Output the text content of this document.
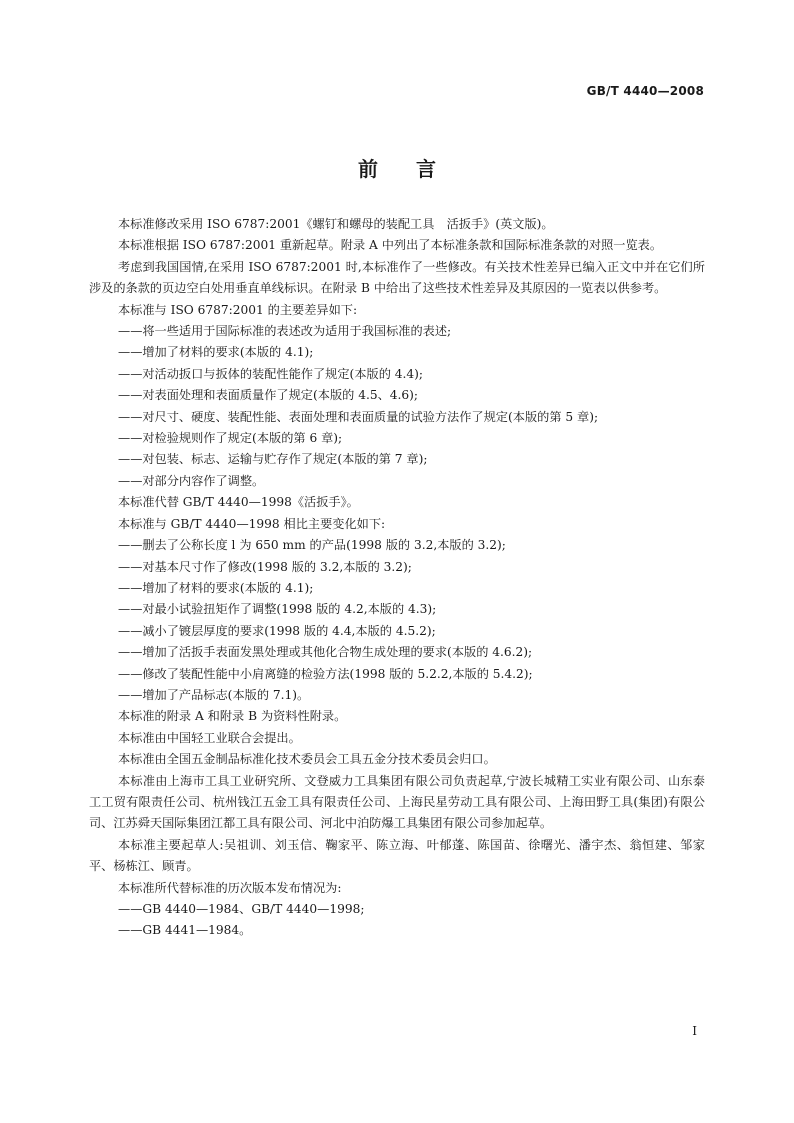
GB/T 4440—2008
前言

本标准修改采用 ISO 6787:2001《螺钉和螺母的装配工具　活扳手》(英文版)。

本标准根据 ISO 6787:2001 重新起草。附录 A 中列出了本标准条款和国际标准条款的对照一览表。

考虑到我国国情,在采用 ISO 6787:2001 时,本标准作了一些修改。有关技术性差异已编入正文中并在它们所涉及的条款的页边空白处用垂直单线标识。在附录 B 中给出了这些技术性差异及其原因的一览表以供参考。

本标准与 ISO 6787:2001 的主要差异如下:

——将一些适用于国际标准的表述改为适用于我国标准的表述;

——增加了材料的要求(本版的 4.1);

——对活动扳口与扳体的装配性能作了规定(本版的 4.4);

——对表面处理和表面质量作了规定(本版的 4.5、4.6);

——对尺寸、硬度、装配性能、表面处理和表面质量的试验方法作了规定(本版的第 5 章);

——对检验规则作了规定(本版的第 6 章);

——对包装、标志、运输与贮存作了规定(本版的第 7 章);

——对部分内容作了调整。

本标准代替 GB/T 4440—1998《活扳手》。

本标准与 GB/T 4440—1998 相比主要变化如下:

——删去了公称长度 l 为 650 mm 的产品(1998 版的 3.2,本版的 3.2);

——对基本尺寸作了修改(1998 版的 3.2,本版的 3.2);

——增加了材料的要求(本版的 4.1);

——对最小试验扭矩作了调整(1998 版的 4.2,本版的 4.3);

——减小了镀层厚度的要求(1998 版的 4.4,本版的 4.5.2);

——增加了活扳手表面发黑处理或其他化合物生成处理的要求(本版的 4.6.2);

——修改了装配性能中小肩离缝的检验方法(1998 版的 5.2.2,本版的 5.4.2);

——增加了产品标志(本版的 7.1)。

本标准的附录 A 和附录 B 为资料性附录。

本标准由中国轻工业联合会提出。

本标准由全国五金制品标准化技术委员会工具五金分技术委员会归口。

本标准由上海市工具工业研究所、文登威力工具集团有限公司负责起草,宁波长城精工实业有限公司、山东泰工工贸有限责任公司、杭州钱江五金工具有限责任公司、上海民星劳动工具有限公司、上海田野工具(集团)有限公司、江苏舜天国际集团江都工具有限公司、河北中泊防爆工具集团有限公司参加起草。

本标准主要起草人:吴祖训、刘玉信、鞠家平、陈立海、叶郁蓬、陈国苗、徐曙光、潘宇杰、翁恒建、邹家平、杨栋江、顾青。

本标准所代替标准的历次版本发布情况为:

——GB 4440—1984、GB/T 4440—1998;

——GB 4441—1984。

I
